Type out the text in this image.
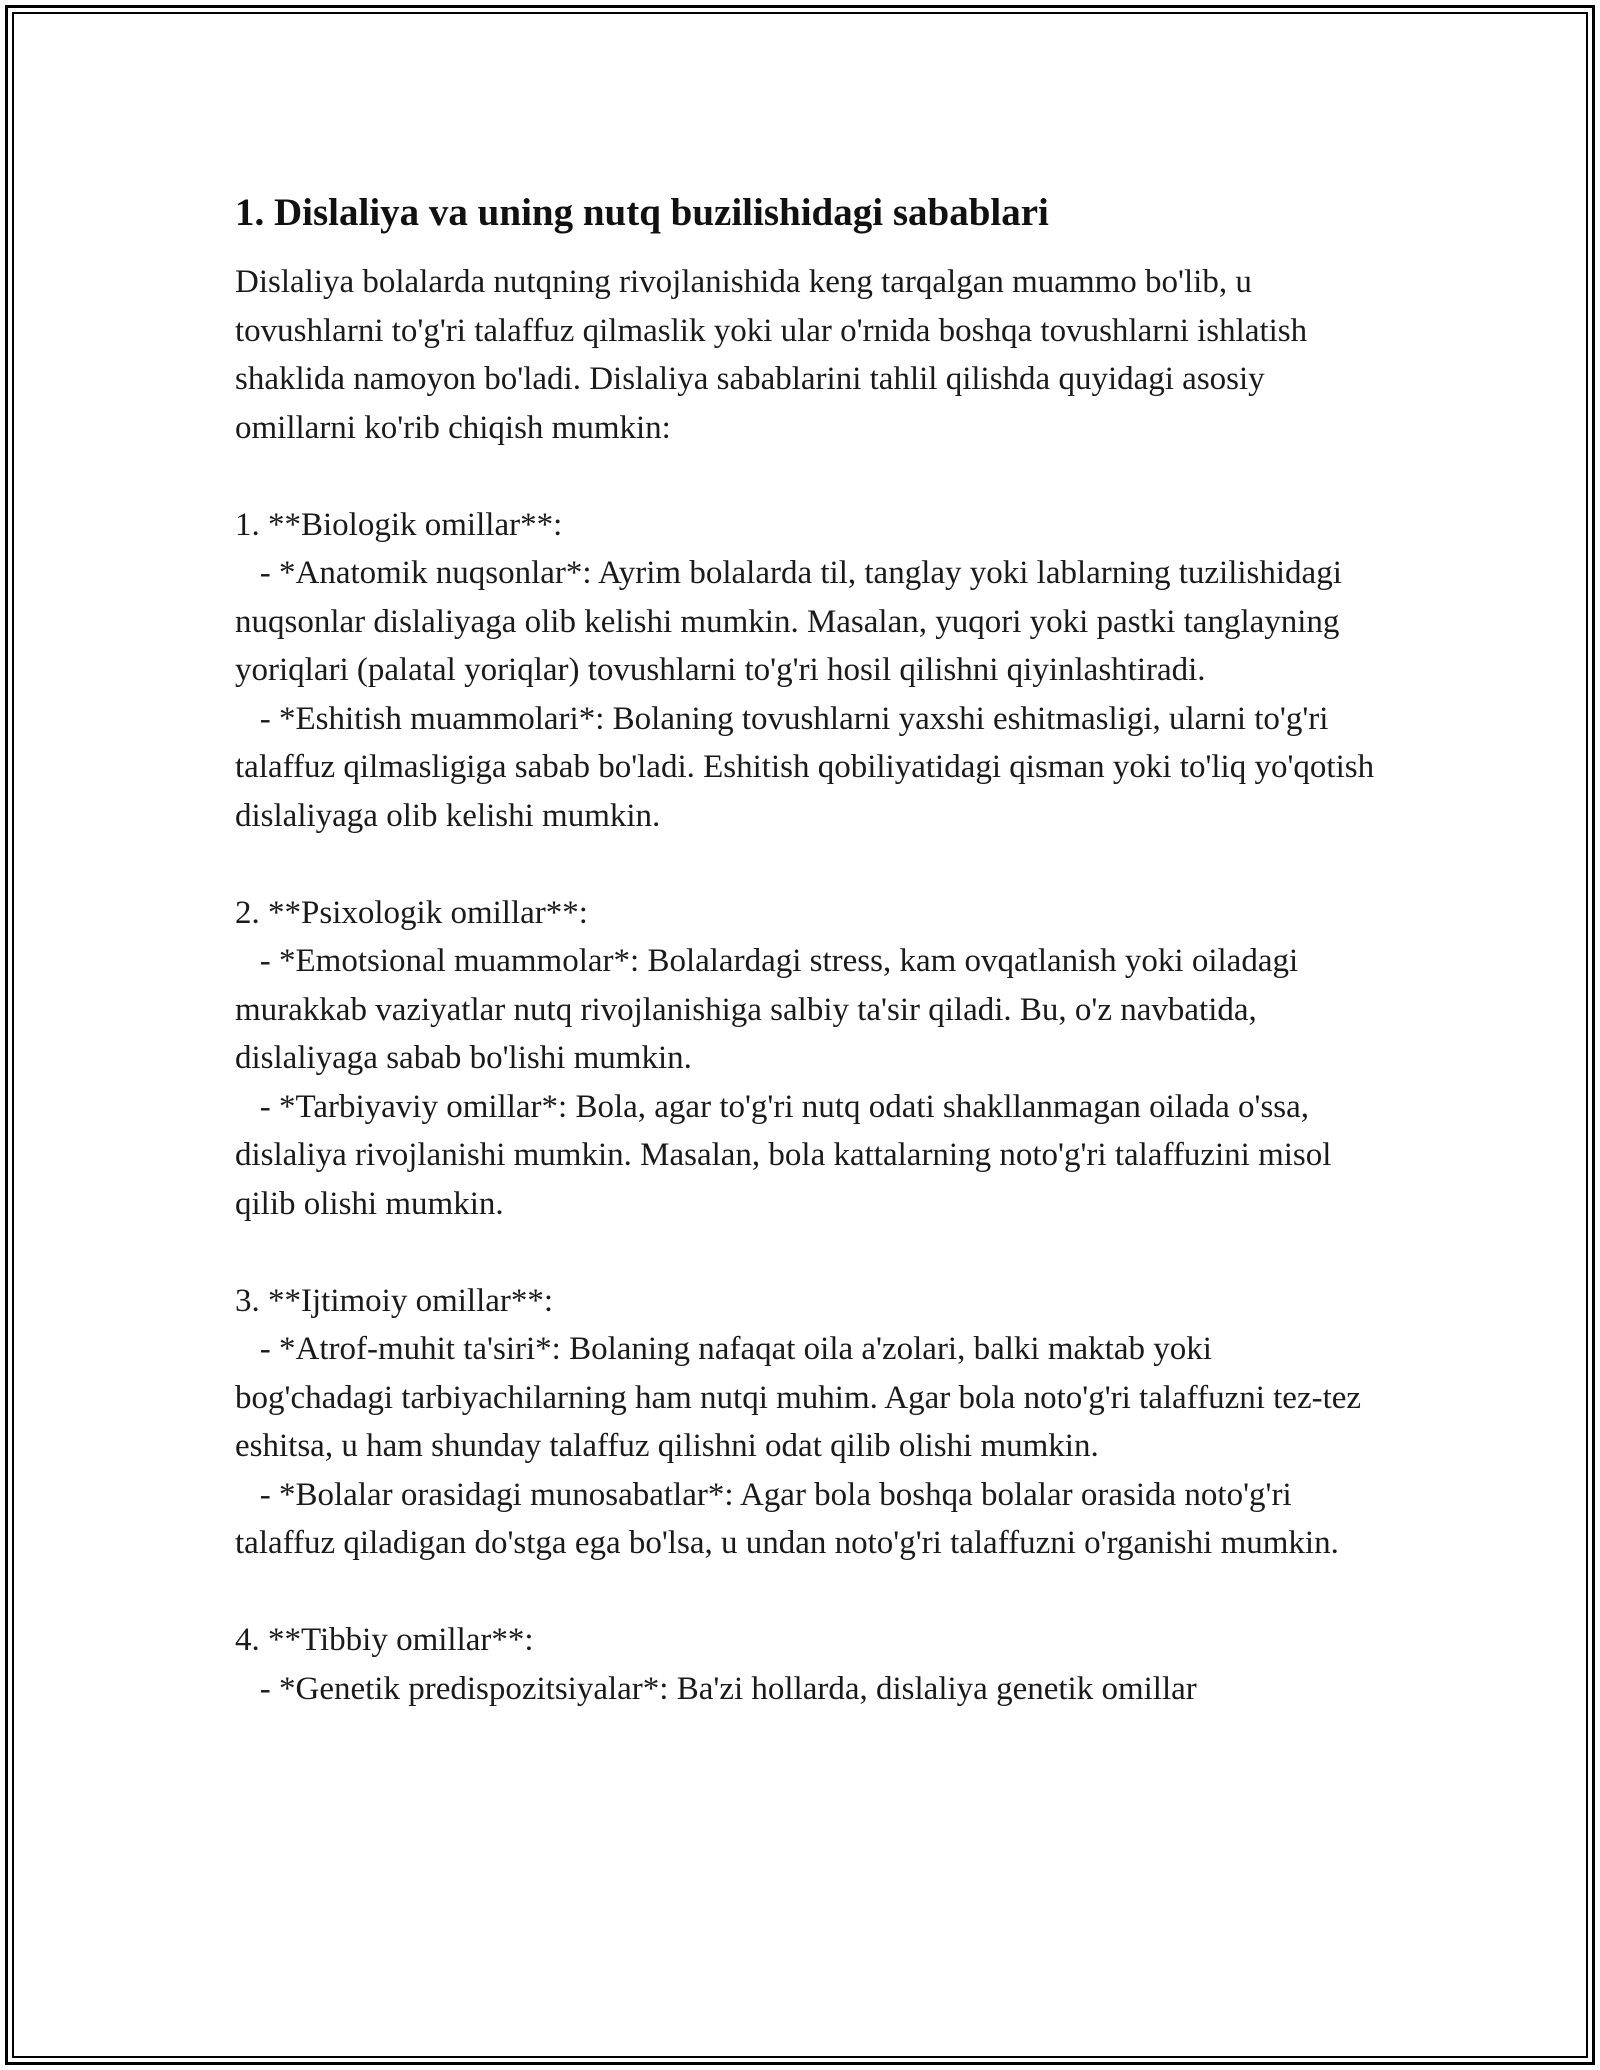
1. Dislaliya va uning nutq buzilishidagi sabablari

Dislaliya bolalarda nutqning rivojlanishida keng tarqalgan muammo bo'lib, u tovushlarni to'g'ri talaffuz qilmaslik yoki ular o'rnida boshqa tovushlarni ishlatish shaklida namoyon bo'ladi. Dislaliya sabablarini tahlil qilishda quyidagi asosiy omillarni ko'rib chiqish mumkin:

1. **Biologik omillar**:

- *Anatomik nuqsonlar*: Ayrim bolalarda til, tanglay yoki lablarning tuzilishidagi nuqsonlar dislaliyaga olib kelishi mumkin. Masalan, yuqori yoki pastki tanglayning yoriqlari (palatal yoriqlar) tovushlarni to'g'ri hosil qilishni qiyinlashtiradi.

- *Eshitish muammolari*: Bolaning tovushlarni yaxshi eshitmasligi, ularni to'g'ri talaffuz qilmasligiga sabab bo'ladi. Eshitish qobiliyatidagi qisman yoki to'liq yo'qotish dislaliyaga olib kelishi mumkin.

2. **Psixologik omillar**:

- *Emotsional muammolar*: Bolalardagi stress, kam ovqatlanish yoki oiladagi murakkab vaziyatlar nutq rivojlanishiga salbiy ta'sir qiladi. Bu, o'z navbatida, dislaliyaga sabab bo'lishi mumkin.

- *Tarbiyaviy omillar*: Bola, agar to'g'ri nutq odati shakllanmagan oilada o'ssa, dislaliya rivojlanishi mumkin. Masalan, bola kattalarning noto'g'ri talaffuzini misol qilib olishi mumkin.

3. **Ijtimoiy omillar**:

- *Atrof-muhit ta'siri*: Bolaning nafaqat oila a'zolari, balki maktab yoki bog'chadagi tarbiyachilarning ham nutqi muhim. Agar bola noto'g'ri talaffuzni tez-tez eshitsa, u ham shunday talaffuz qilishni odat qilib olishi mumkin.

- *Bolalar orasidagi munosabatlar*: Agar bola boshqa bolalar orasida noto'g'ri talaffuz qiladigan do'stga ega bo'lsa, u undan noto'g'ri talaffuzni o'rganishi mumkin.

4. **Tibbiy omillar**:

- *Genetik predispozitsiyalar*: Ba'zi hollarda, dislaliya genetik omillar
